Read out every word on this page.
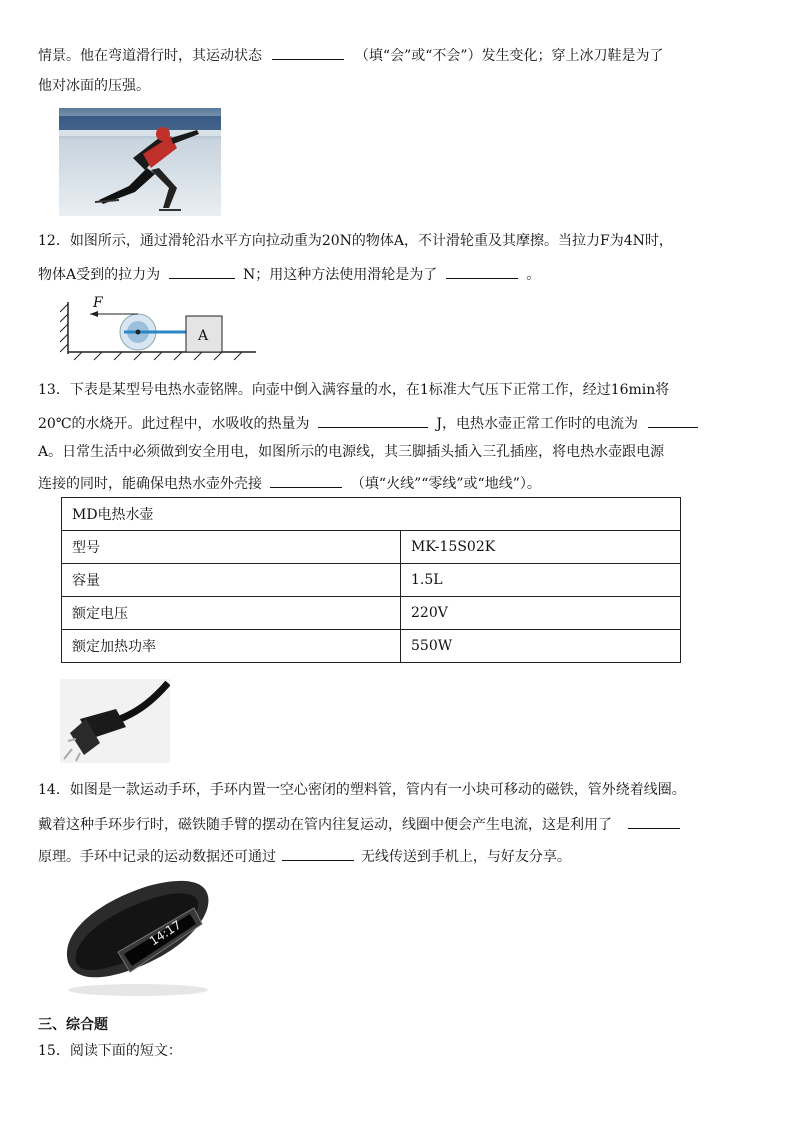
情景。他在弯道滑行时，其运动状态	（填“会”或“不会”）发生变化；穿上冰刀鞋是为了
他对冰面的压强。
12．如图所示，通过滑轮沿水平方向拉动重为20N的物体A，不计滑轮重及其摩擦。当拉力F为4N时，
物体A受到的拉力为	N；用这种方法使用滑轮是为了	。
F
A
13．下表是某型号电热水壶铭牌。向壶中倒入满容量的水，在1标准大气压下正常工作，经过16min将
20℃的水烧开。此过程中，水吸收的热量为	J，电热水壶正常工作时的电流为
A。日常生活中必须做到安全用电，如图所示的电源线，其三脚插头插入三孔插座，将电热水壶跟电源
连接的同时，能确保电热水壶外壳接	（填“火线”“零线”或“地线”）。
MD电热水壶	
型号	MK-15S02K
容量	1.5L
额定电压	220V
额定加热功率	550W
14．如图是一款运动手环，手环内置一空心密闭的塑料管，管内有一小块可移动的磁铁，管外绕着线圈。
戴着这种手环步行时，磁铁随手臂的摆动在管内往复运动，线圈中便会产生电流，这是利用了
原理。手环中记录的运动数据还可通过	无线传送到手机上，与好友分享。
14:17
三、综合题
15．阅读下面的短文：
